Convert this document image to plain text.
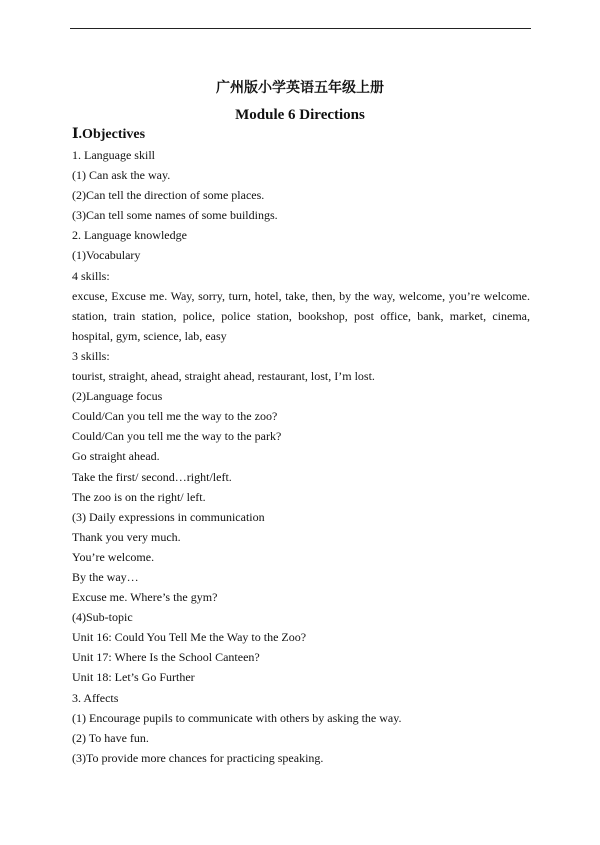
广州版小学英语五年级上册
Module 6 Directions
Ⅰ.Objectives
1. Language skill
(1) Can ask the way.
(2)Can tell the direction of some places.
(3)Can tell some names of some buildings.
2. Language knowledge
(1)Vocabulary
4 skills:
excuse, Excuse me. Way, sorry, turn, hotel, take, then, by the way, welcome, you’re welcome. station, train station, police, police station, bookshop, post office, bank, market, cinema, hospital, gym, science, lab, easy
3 skills:
tourist, straight, ahead, straight ahead, restaurant, lost, I’m lost.
(2)Language focus
Could/Can you tell me the way to the zoo?
Could/Can you tell me the way to the park?
Go straight ahead.
Take the first/ second…right/left.
The zoo is on the right/ left.
(3) Daily expressions in communication
Thank you very much.
You’re welcome.
By the way…
Excuse me. Where’s the gym?
(4)Sub-topic
Unit 16: Could You Tell Me the Way to the Zoo?
Unit 17: Where Is the School Canteen?
Unit 18: Let’s Go Further
3. Affects
(1) Encourage pupils to communicate with others by asking the way.
(2) To have fun.
(3)To provide more chances for practicing speaking.
